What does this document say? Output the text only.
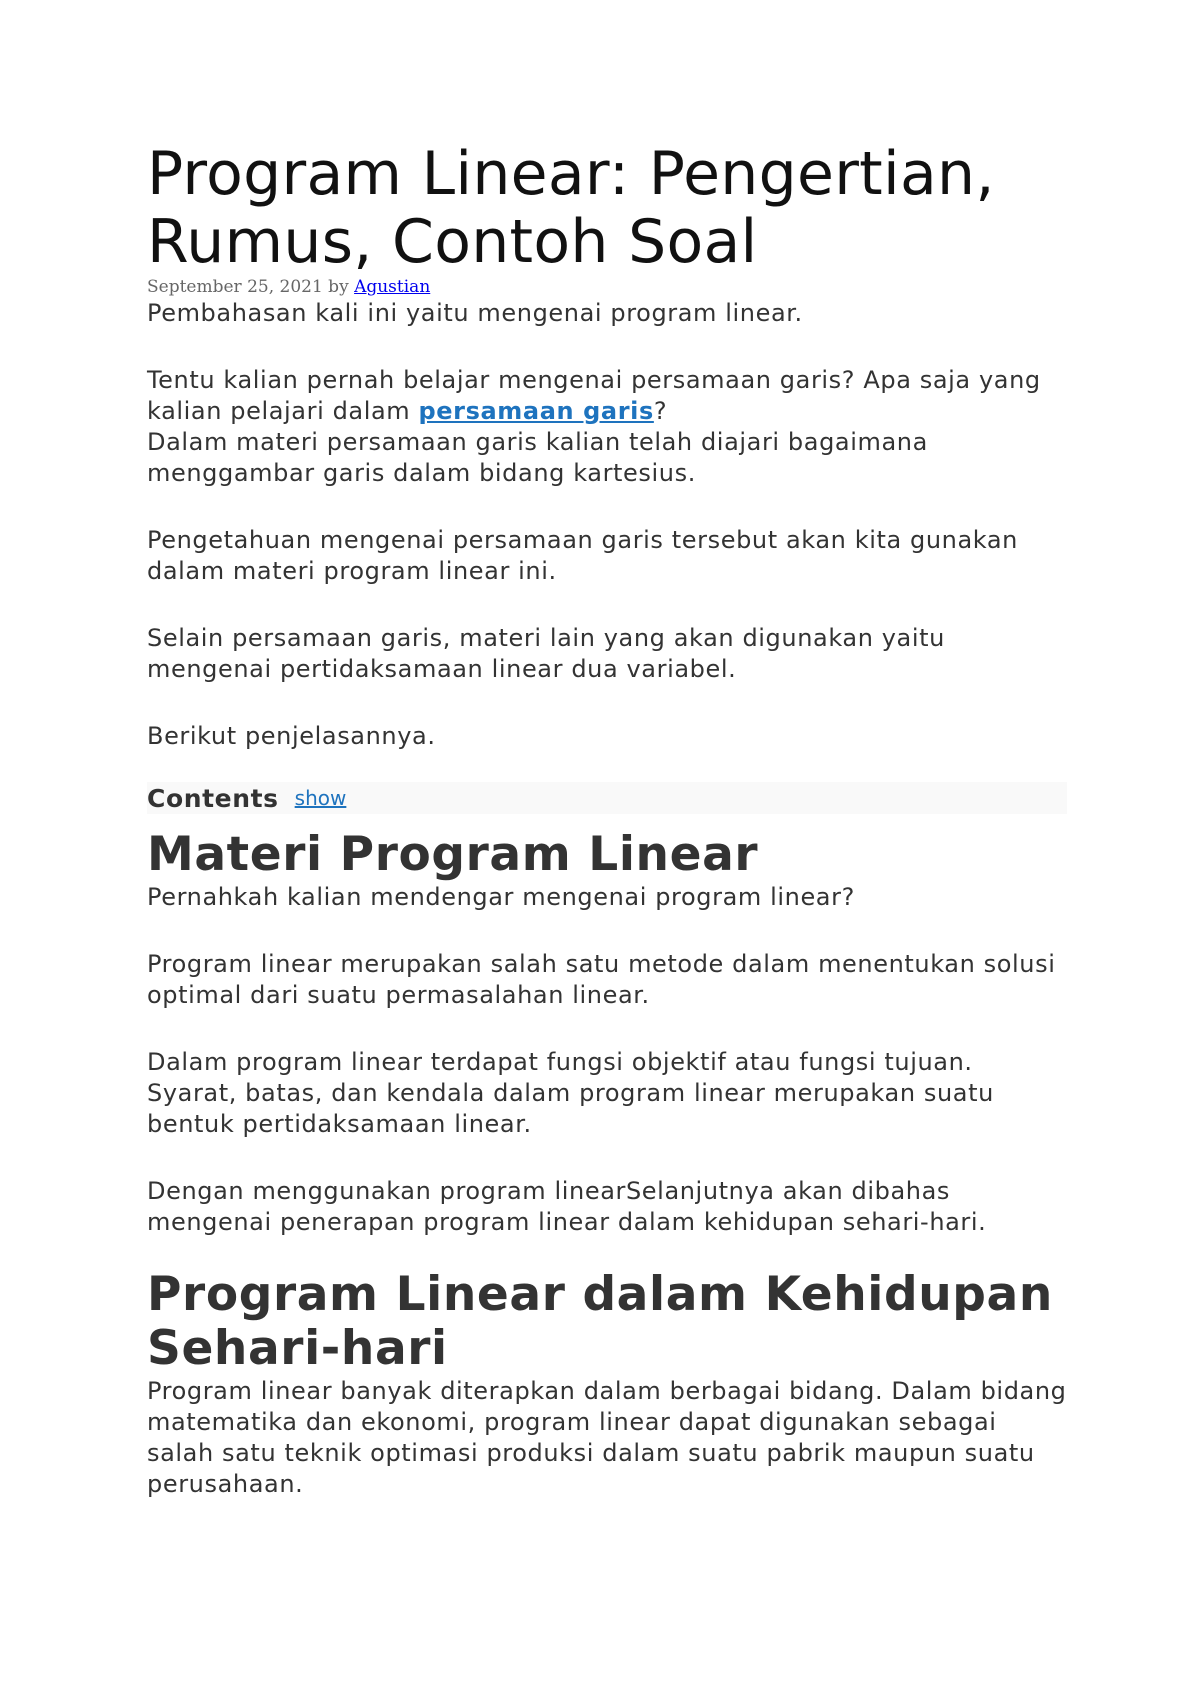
Program Linear: Pengertian, Rumus, Contoh Soal
September 25, 2021 by Agustian

Pembahasan kali ini yaitu mengenai program linear.

Tentu kalian pernah belajar mengenai persamaan garis? Apa saja yang kalian pelajari dalam persamaan garis?

Dalam materi persamaan garis kalian telah diajari bagaimana menggambar garis dalam bidang kartesius.

Pengetahuan mengenai persamaan garis tersebut akan kita gunakan dalam materi program linear ini.

Selain persamaan garis, materi lain yang akan digunakan yaitu mengenai pertidaksamaan linear dua variabel.

Berikut penjelasannya.

Contents show
Materi Program Linear

Pernahkah kalian mendengar mengenai program linear?

Program linear merupakan salah satu metode dalam menentukan solusi optimal dari suatu permasalahan linear.

Dalam program linear terdapat fungsi objektif atau fungsi tujuan. Syarat, batas, dan kendala dalam program linear merupakan suatu bentuk pertidaksamaan linear.

Dengan menggunakan program linearSelanjutnya akan dibahas mengenai penerapan program linear dalam kehidupan sehari-hari.

Program Linear dalam Kehidupan Sehari-hari

Program linear banyak diterapkan dalam berbagai bidang. Dalam bidang matematika dan ekonomi, program linear dapat digunakan sebagai salah satu teknik optimasi produksi dalam suatu pabrik maupun suatu perusahaan.
